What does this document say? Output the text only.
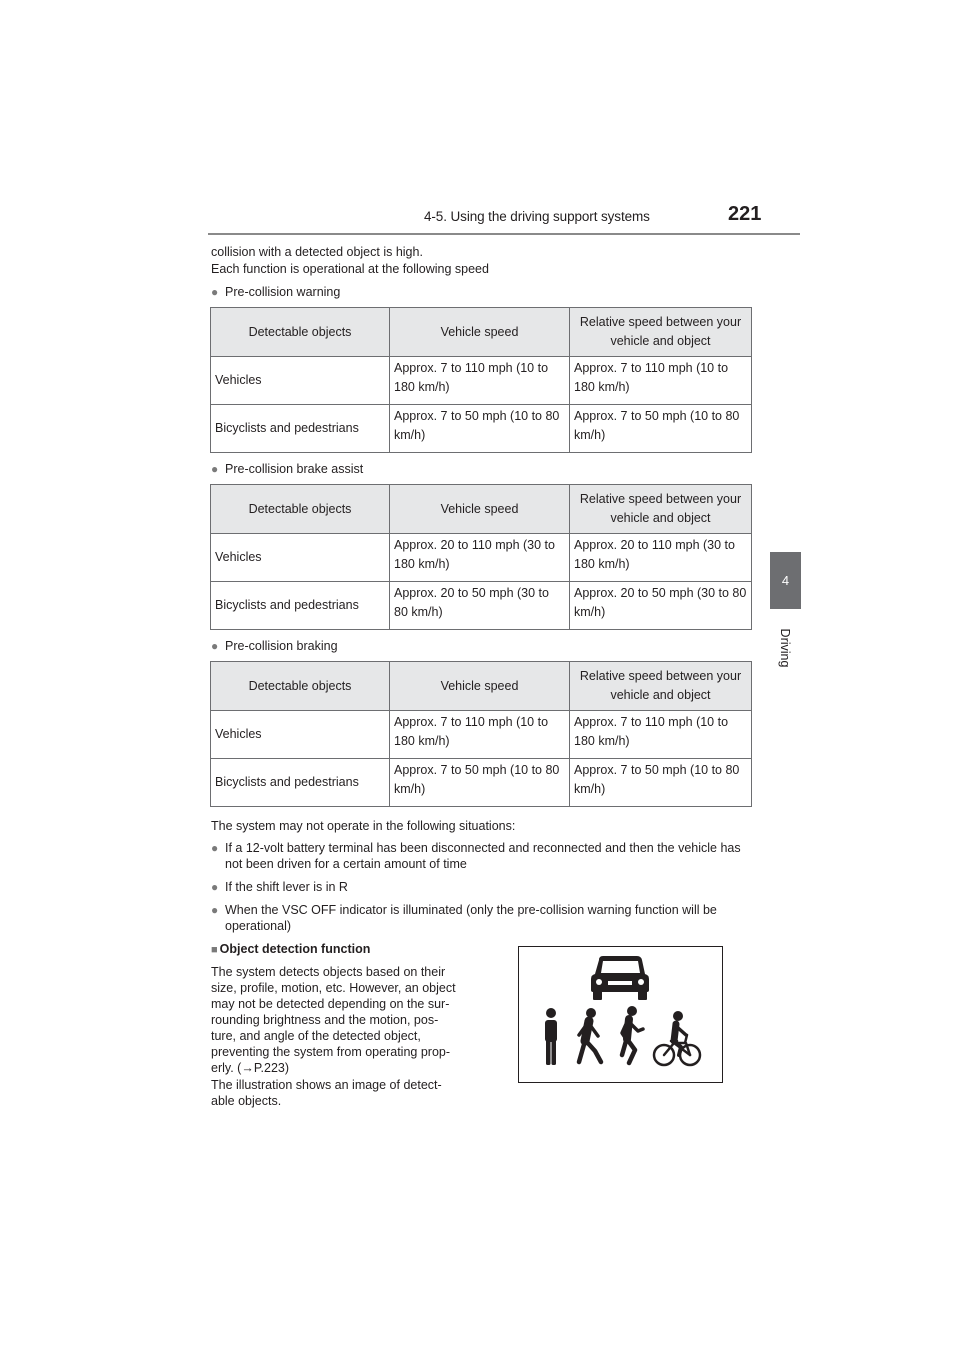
4-5. Using the driving support systems	221
4
Driving
collision with a detected object is high.
Each function is operational at the following speed
● Pre-collision warning
Detectable objects	Vehicle speed	Relative speed between your vehicle and object
Vehicles	Approx. 7 to 110 mph (10 to 180 km/h)	Approx. 7 to 110 mph (10 to 180 km/h)
Bicyclists and pedestrians	Approx. 7 to 50 mph (10 to 80 km/h)	Approx. 7 to 50 mph (10 to 80 km/h)
● Pre-collision brake assist
Detectable objects	Vehicle speed	Relative speed between your vehicle and object
Vehicles	Approx. 20 to 110 mph (30 to 180 km/h)	Approx. 20 to 110 mph (30 to 180 km/h)
Bicyclists and pedestrians	Approx. 20 to 50 mph (30 to 80 km/h)	Approx. 20 to 50 mph (30 to 80 km/h)
● Pre-collision braking
Detectable objects	Vehicle speed	Relative speed between your vehicle and object
Vehicles	Approx. 7 to 110 mph (10 to 180 km/h)	Approx. 7 to 110 mph (10 to 180 km/h)
Bicyclists and pedestrians	Approx. 7 to 50 mph (10 to 80 km/h)	Approx. 7 to 50 mph (10 to 80 km/h)
The system may not operate in the following situations:
● If a 12-volt battery terminal has been disconnected and reconnected and then the vehicle has not been driven for a certain amount of time
● If the shift lever is in R
● When the VSC OFF indicator is illuminated (only the pre-collision warning function will be operational)
■ Object detection function
The system detects objects based on their
size, profile, motion, etc. However, an object
may not be detected depending on the sur-
rounding brightness and the motion, pos-
ture, and angle of the detected object,
preventing the system from operating prop-
erly. (→P.223)
The illustration shows an image of detect-
able objects.
